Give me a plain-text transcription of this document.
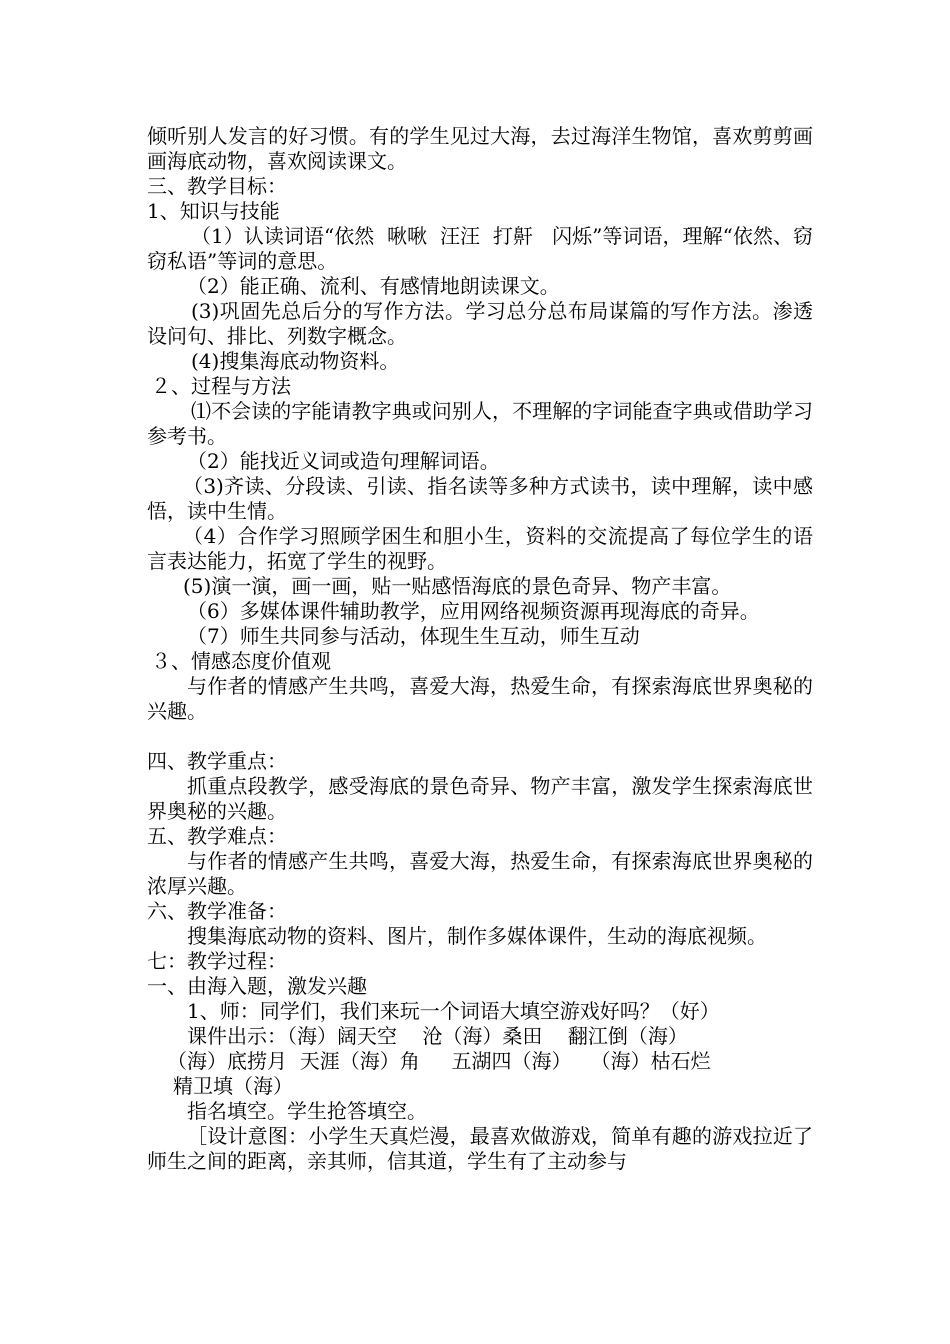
倾听别人发言的好习惯。有的学生见过大海，去过海洋生物馆，喜欢剪剪画画海底动物，喜欢阅读课文。

三、教学目标：

1、知识与技能

（1）认读词语“依然  啾啾  汪汪  打鼾   闪烁”等词语，理解“依然、窃窃私语”等词的意思。

（2）能正确、流利、有感情地朗读课文。

(3)巩固先总后分的写作方法。学习总分总布局谋篇的写作方法。渗透设问句、排比、列数字概念。

(4)搜集海底动物资料。

２、过程与方法

⑴不会读的字能请教字典或问别人，不理解的字词能查字典或借助学习参考书。

（2）能找近义词或造句理解词语。

（3)齐读、分段读、引读、指名读等多种方式读书，读中理解，读中感悟，读中生情。

（4）合作学习照顾学困生和胆小生，资料的交流提高了每位学生的语言表达能力，拓宽了学生的视野。

(5)演一演，画一画，贴一贴感悟海底的景色奇异、物产丰富。

（6）多媒体课件辅助教学，应用网络视频资源再现海底的奇异。

（7）师生共同参与活动，体现生生互动，师生互动

３、情感态度价值观

与作者的情感产生共鸣，喜爱大海，热爱生命，有探索海底世界奥秘的兴趣。

四、教学重点：

抓重点段教学，感受海底的景色奇异、物产丰富，激发学生探索海底世界奥秘的兴趣。

五、教学难点：

与作者的情感产生共鸣，喜爱大海，热爱生命，有探索海底世界奥秘的浓厚兴趣。

六、教学准备：

搜集海底动物的资料、图片，制作多媒体课件，生动的海底视频。

七：教学过程：

一、由海入题，激发兴趣

1、师：同学们，我们来玩一个词语大填空游戏好吗？（好）

课件出示：（海）阔天空    沧（海）桑田    翻江倒（海）

（海）底捞月  天涯（海）角     五湖四（海）   （海）枯石烂

精卫填（海）

指名填空。学生抢答填空。

［设计意图：小学生天真烂漫，最喜欢做游戏，简单有趣的游戏拉近了师生之间的距离，亲其师，信其道，学生有了主动参与
